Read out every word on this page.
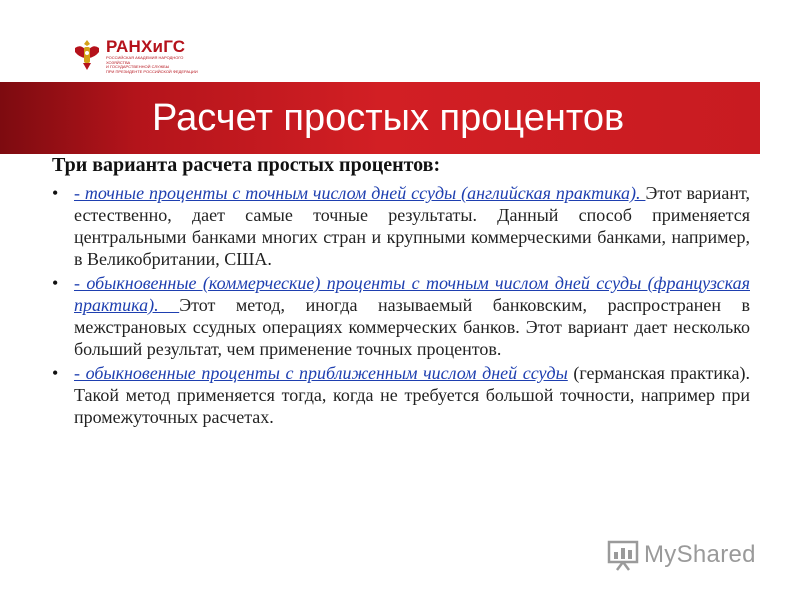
РАНХиГС
РОССИЙСКАЯ АКАДЕМИЯ НАРОДНОГО ХОЗЯЙСТВА
И ГОСУДАРСТВЕННОЙ СЛУЖБЫ
ПРИ ПРЕЗИДЕНТЕ РОССИЙСКОЙ ФЕДЕРАЦИИ
Расчет простых процентов
Три варианта расчета простых процентов:
• - точные проценты с точным числом дней ссуды (английская практика). Этот вариант, естественно, дает самые точные результаты. Данный способ применяется центральными банками многих стран и крупными коммерческими банками, например, в Великобритании, США.
• - обыкновенные (коммерческие) проценты с точным числом дней ссуды (французская практика). Этот метод, иногда называемый банковским, распространен в межстрановых ссудных операциях коммерческих банков. Этот вариант дает несколько больший результат, чем применение точных процентов.
• - обыкновенные проценты с приближенным числом дней ссуды (германская практика). Такой метод применяется тогда, когда не требуется большой точности, например при промежуточных расчетах.
MyShared
